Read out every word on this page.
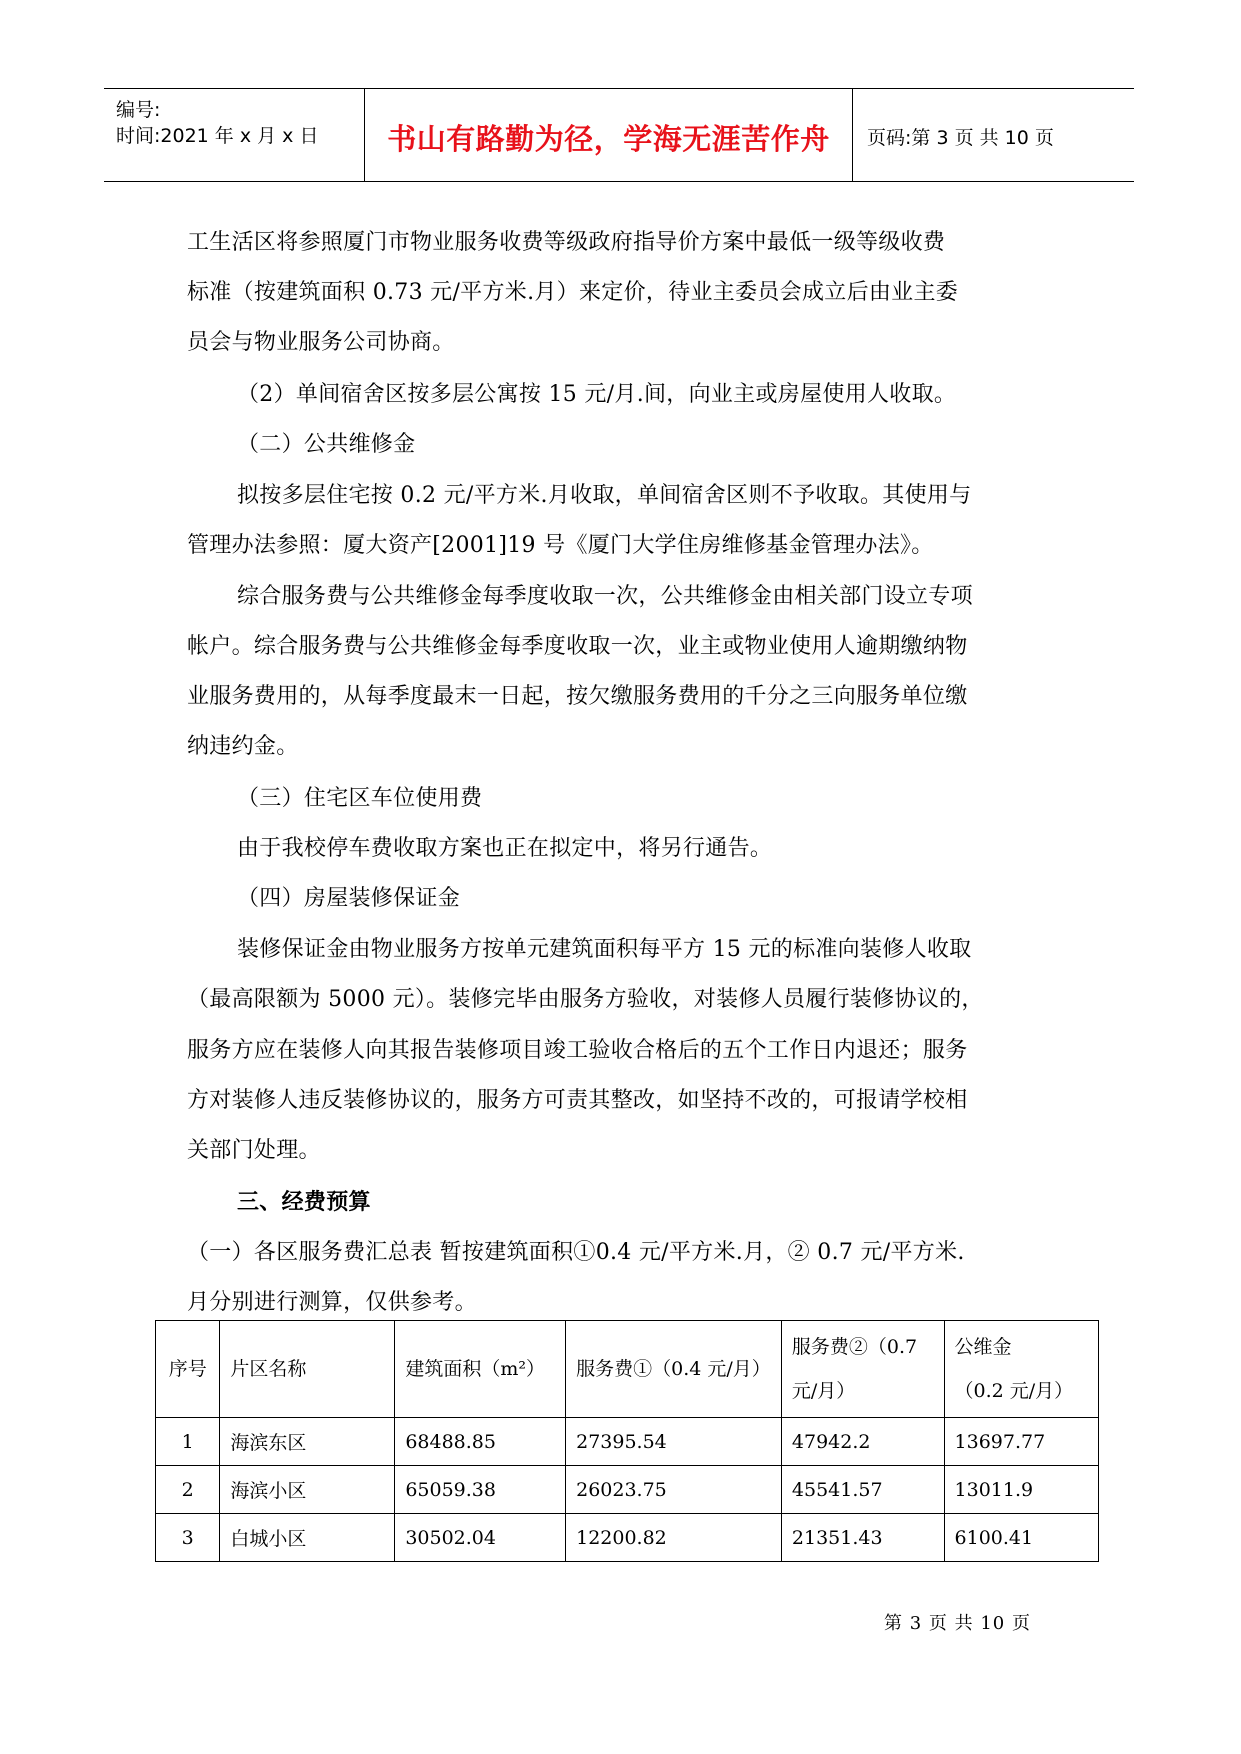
编号:
时间:2021 年 x 月 x 日	书山有路勤为径，学海无涯苦作舟	页码:第 3 页 共 10 页
工生活区将参照厦门市物业服务收费等级政府指导价方案中最低一级等级收费
标准（按建筑面积 0.73 元/平方米.月）来定价，待业主委员会成立后由业主委
员会与物业服务公司协商。
（2）单间宿舍区按多层公寓按 15 元/月.间，向业主或房屋使用人收取。
（二）公共维修金
拟按多层住宅按 0.2 元/平方米.月收取，单间宿舍区则不予收取。其使用与
管理办法参照：厦大资产[2001]19 号《厦门大学住房维修基金管理办法》。
综合服务费与公共维修金每季度收取一次，公共维修金由相关部门设立专项
帐户。综合服务费与公共维修金每季度收取一次，业主或物业使用人逾期缴纳物
业服务费用的，从每季度最末一日起，按欠缴服务费用的千分之三向服务单位缴
纳违约金。
（三）住宅区车位使用费
由于我校停车费收取方案也正在拟定中，将另行通告。
（四）房屋装修保证金
装修保证金由物业服务方按单元建筑面积每平方 15 元的标准向装修人收取
（最高限额为 5000 元）。装修完毕由服务方验收，对装修人员履行装修协议的，
服务方应在装修人向其报告装修项目竣工验收合格后的五个工作日内退还；服务
方对装修人违反装修协议的，服务方可责其整改，如坚持不改的，可报请学校相
关部门处理。
三、经费预算
（一）各区服务费汇总表 暂按建筑面积①0.4 元/平方米.月，② 0.7 元/平方米.
月分别进行测算，仅供参考。
序号	片区名称	建筑面积（m²）	服务费①（0.4 元/月）	服务费②（0.7
元/月）	公维金
（0.2 元/月）
1	海滨东区	68488.85	27395.54	47942.2	13697.77
2	海滨小区	65059.38	26023.75	45541.57	13011.9
3	白城小区	30502.04	12200.82	21351.43	6100.41
第 3 页 共 10 页
